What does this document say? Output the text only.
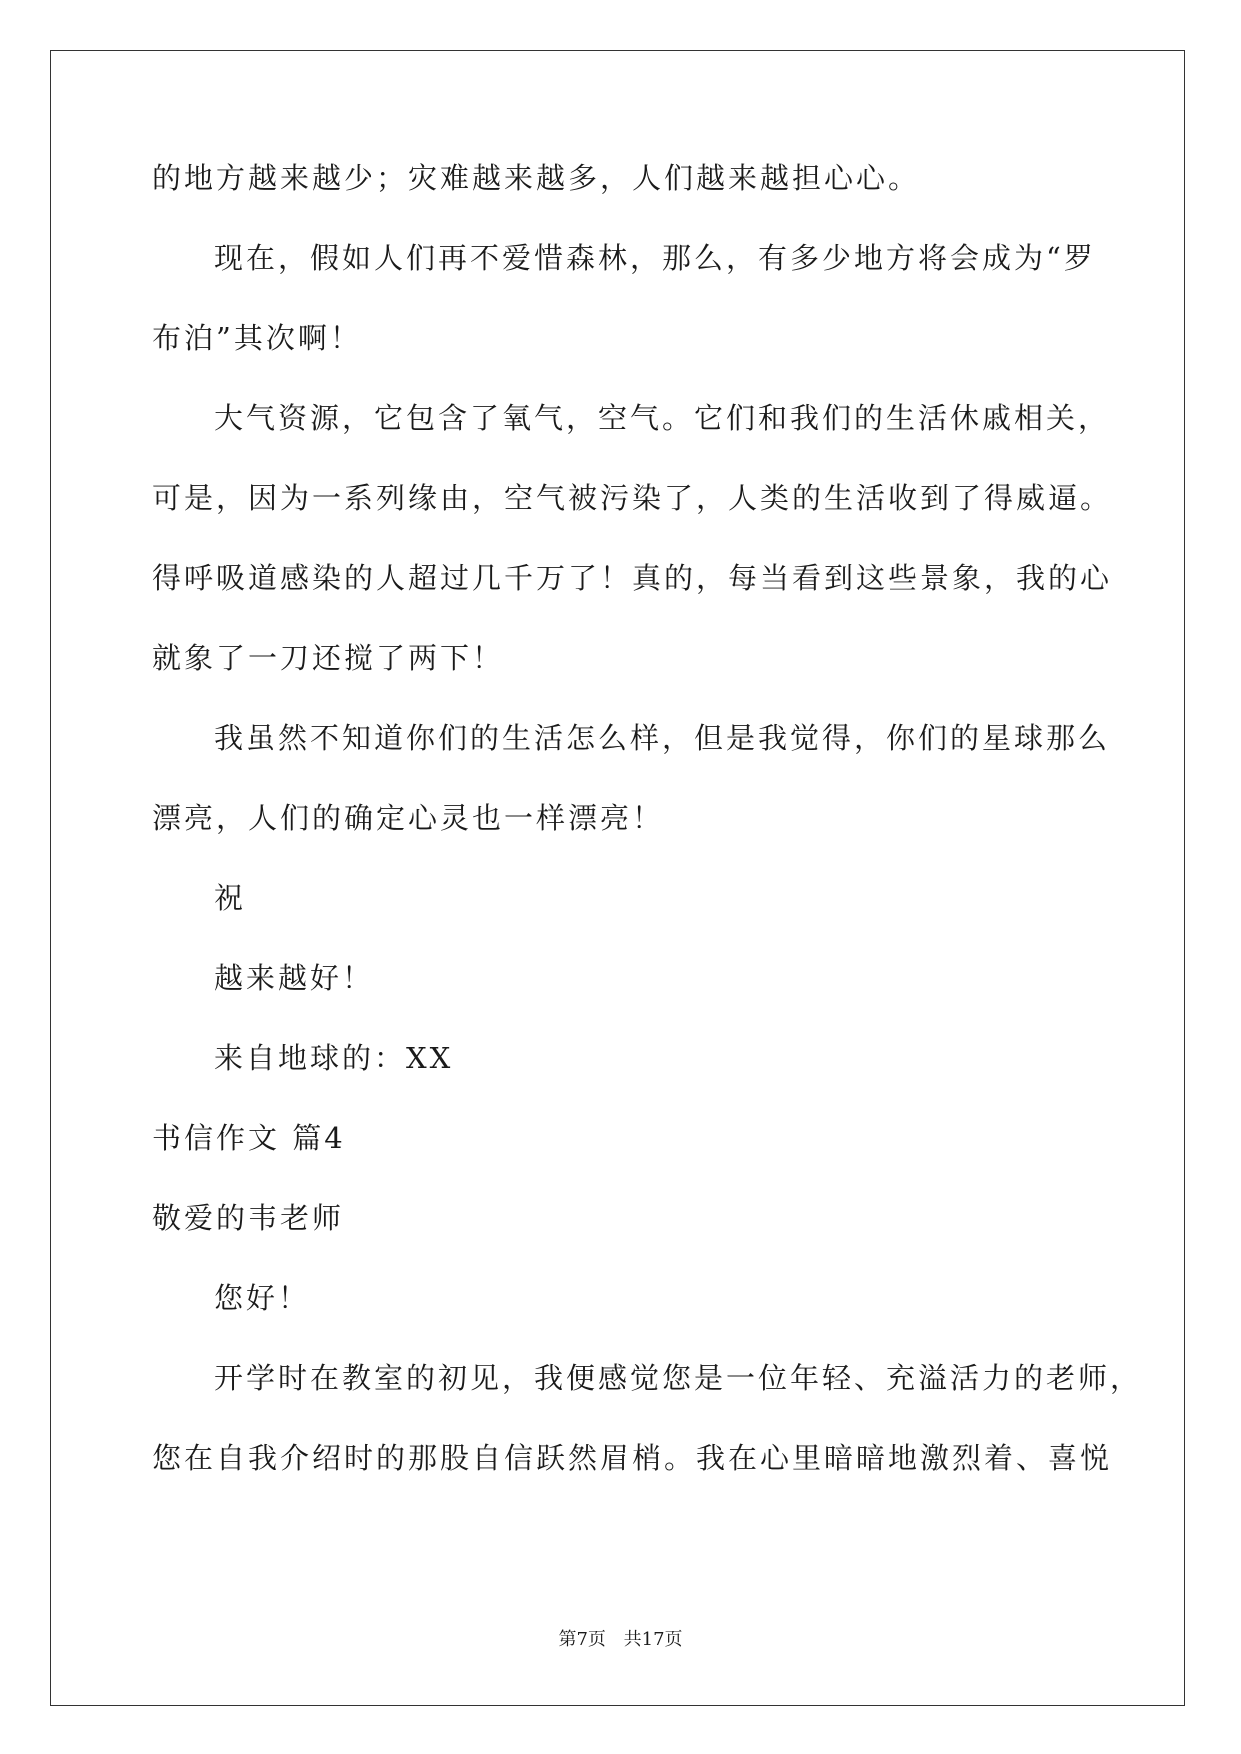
的地方越来越少；灾难越来越多，人们越来越担心心。
现在，假如人们再不爱惜森林，那么，有多少地方将会成为“罗
布泊”其次啊！
大气资源，它包含了氧气，空气。它们和我们的生活休戚相关，
可是，因为一系列缘由，空气被污染了，人类的生活收到了得威逼。
得呼吸道感染的人超过几千万了！真的，每当看到这些景象，我的心
就象了一刀还搅了两下！
我虽然不知道你们的生活怎么样，但是我觉得，你们的星球那么
漂亮，人们的确定心灵也一样漂亮！
祝
越来越好！
来自地球的：XX
书信作文 篇4
敬爱的韦老师
您好！
开学时在教室的初见，我便感觉您是一位年轻、充溢活力的老师，
您在自我介绍时的那股自信跃然眉梢。我在心里暗暗地激烈着、喜悦
第7页 共17页
